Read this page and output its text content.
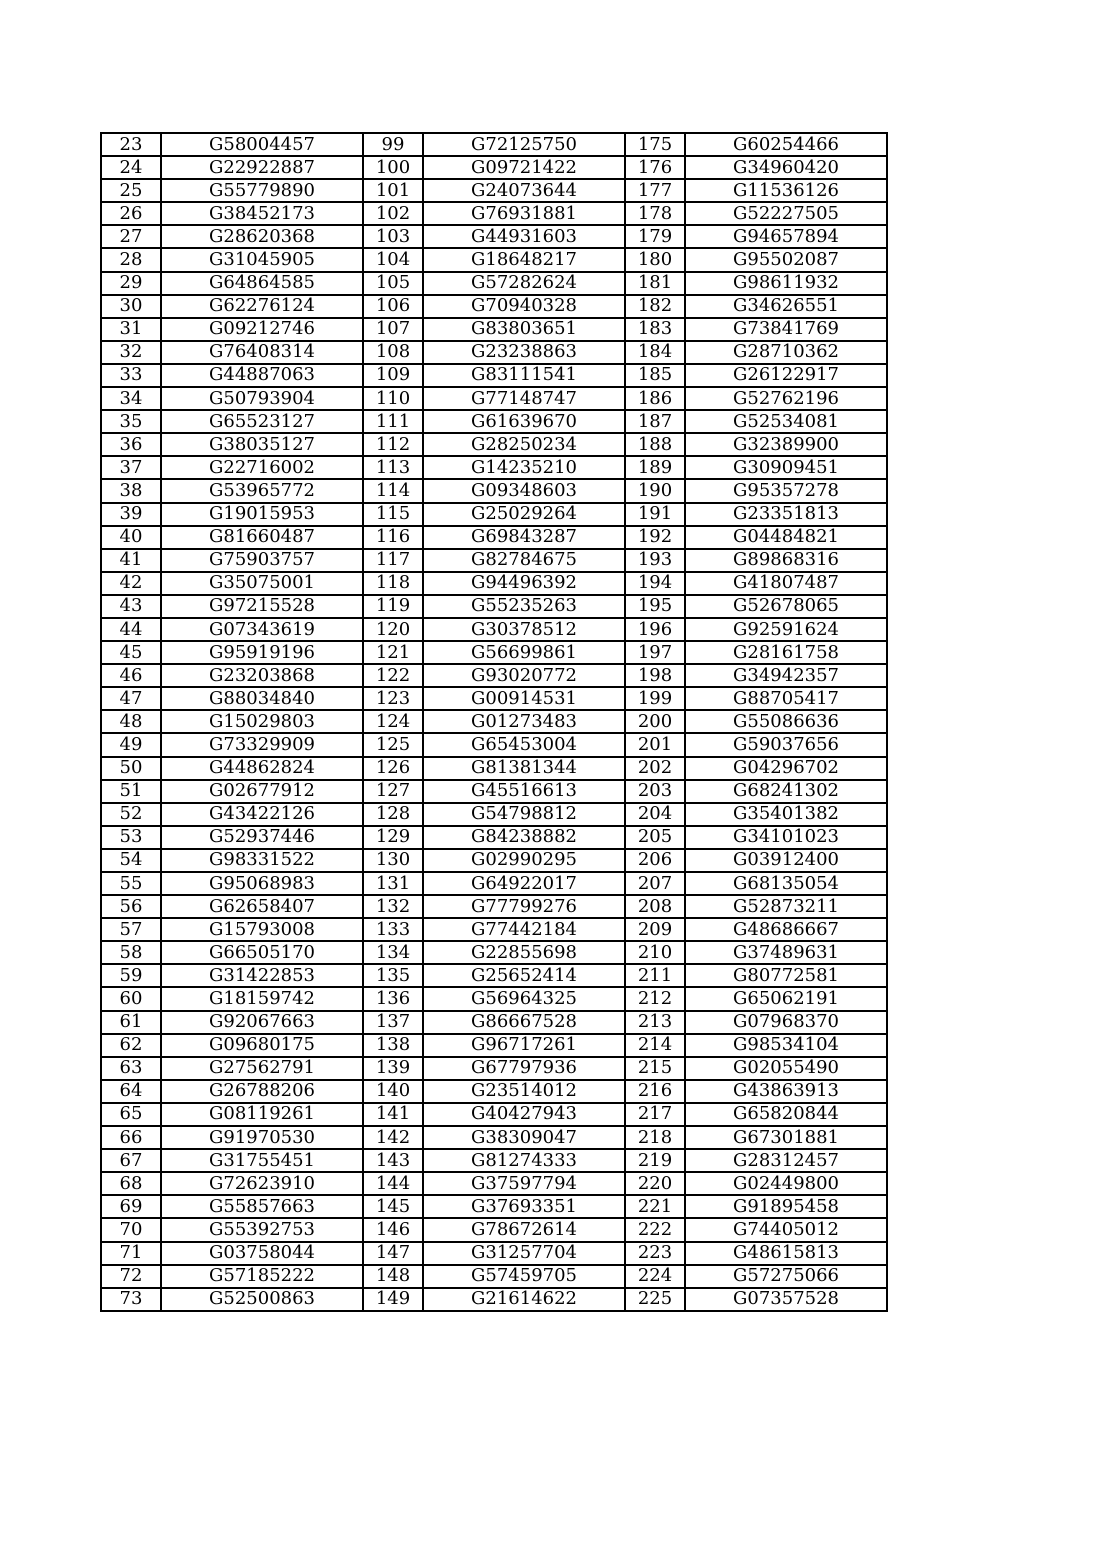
23	G58004457	99	G72125750	175	G60254466
24	G22922887	100	G09721422	176	G34960420
25	G55779890	101	G24073644	177	G11536126
26	G38452173	102	G76931881	178	G52227505
27	G28620368	103	G44931603	179	G94657894
28	G31045905	104	G18648217	180	G95502087
29	G64864585	105	G57282624	181	G98611932
30	G62276124	106	G70940328	182	G34626551
31	G09212746	107	G83803651	183	G73841769
32	G76408314	108	G23238863	184	G28710362
33	G44887063	109	G83111541	185	G26122917
34	G50793904	110	G77148747	186	G52762196
35	G65523127	111	G61639670	187	G52534081
36	G38035127	112	G28250234	188	G32389900
37	G22716002	113	G14235210	189	G30909451
38	G53965772	114	G09348603	190	G95357278
39	G19015953	115	G25029264	191	G23351813
40	G81660487	116	G69843287	192	G04484821
41	G75903757	117	G82784675	193	G89868316
42	G35075001	118	G94496392	194	G41807487
43	G97215528	119	G55235263	195	G52678065
44	G07343619	120	G30378512	196	G92591624
45	G95919196	121	G56699861	197	G28161758
46	G23203868	122	G93020772	198	G34942357
47	G88034840	123	G00914531	199	G88705417
48	G15029803	124	G01273483	200	G55086636
49	G73329909	125	G65453004	201	G59037656
50	G44862824	126	G81381344	202	G04296702
51	G02677912	127	G45516613	203	G68241302
52	G43422126	128	G54798812	204	G35401382
53	G52937446	129	G84238882	205	G34101023
54	G98331522	130	G02990295	206	G03912400
55	G95068983	131	G64922017	207	G68135054
56	G62658407	132	G77799276	208	G52873211
57	G15793008	133	G77442184	209	G48686667
58	G66505170	134	G22855698	210	G37489631
59	G31422853	135	G25652414	211	G80772581
60	G18159742	136	G56964325	212	G65062191
61	G92067663	137	G86667528	213	G07968370
62	G09680175	138	G96717261	214	G98534104
63	G27562791	139	G67797936	215	G02055490
64	G26788206	140	G23514012	216	G43863913
65	G08119261	141	G40427943	217	G65820844
66	G91970530	142	G38309047	218	G67301881
67	G31755451	143	G81274333	219	G28312457
68	G72623910	144	G37597794	220	G02449800
69	G55857663	145	G37693351	221	G91895458
70	G55392753	146	G78672614	222	G74405012
71	G03758044	147	G31257704	223	G48615813
72	G57185222	148	G57459705	224	G57275066
73	G52500863	149	G21614622	225	G07357528
